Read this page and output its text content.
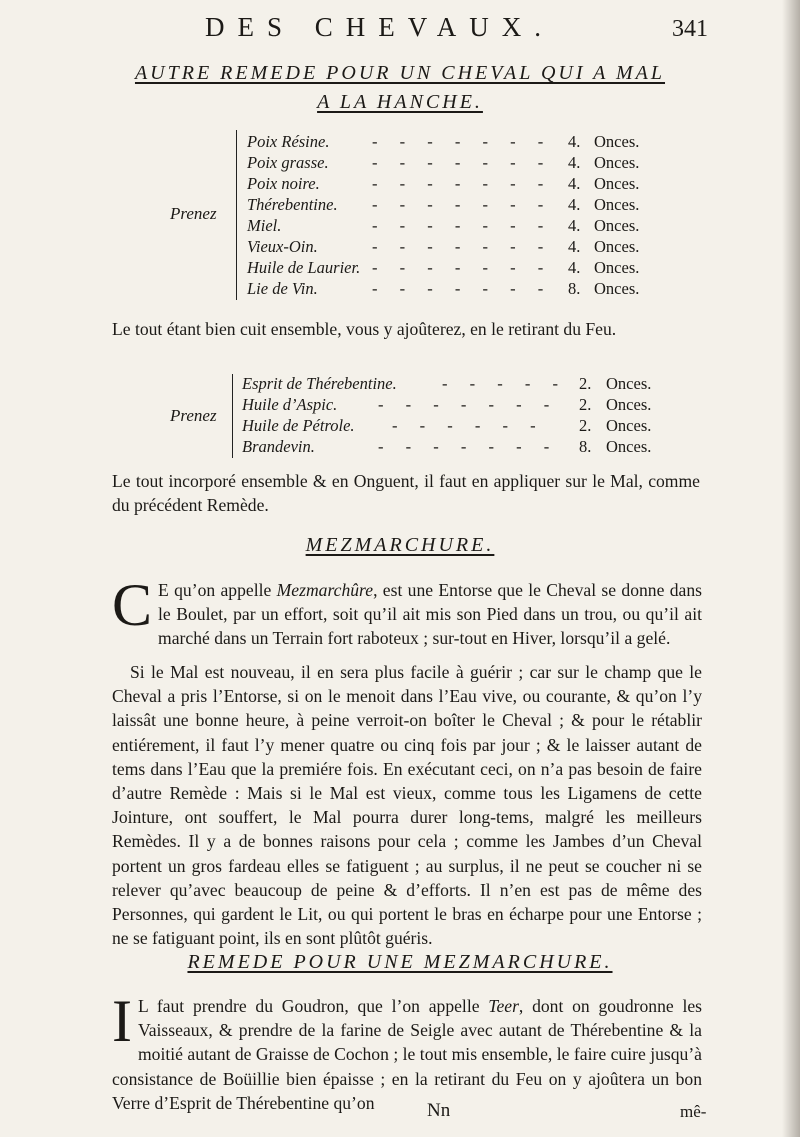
DES CHEVAUX.	341
AUTRE REMEDE POUR UN CHEVAL QUI A MAL
A LA HANCHE.
Prenez
Poix Résine.	- - - - - - - 4. Onces.
Poix grasse.	- - - - - - - 4. Onces.
Poix noire.	- - - - - - - 4. Onces.
Thérebentine. - - - - - - - 4. Onces.
Miel.	- - - - - - - 4. Onces.
Vieux-Oin.	- - - - - - - 4. Onces.
Huile de Laurier. - - - - - - - 4. Onces.
Lie de Vin.	- - - - - - - 8. Onces.
Le tout étant bien cuit ensemble, vous y ajoûterez, en le retirant du Feu.
Prenez
Esprit de Thérebentine.	- - - - - 2. Onces.
Huile d’Aspic. - - - - - - - 2. Onces.
Huile de Pétrole. - - - - - - 2. Onces.
Brandevin.	- - - - - - - 8. Onces.
Le tout incorporé ensemble & en Onguent, il faut en appliquer sur le Mal, comme du précédent Remède.
MEZMARCHURE.
C E qu’on appelle Mezmarchûre, est une Entorse que le Cheval se donne dans le Boulet, par un effort, soit qu’il ait mis son Pied dans un trou, ou qu’il ait marché dans un Terrain fort raboteux ; sur-tout en Hiver, lorsqu’il a gelé.
Si le Mal est nouveau, il en sera plus facile à guérir ; car sur le champ que le Cheval a pris l’Entorse, si on le menoit dans l’Eau vive, ou courante, & qu’on l’y laissât une bonne heure, à peine verroit-on boîter le Cheval ; & pour le rétablir entiérement, il faut l’y mener quatre ou cinq fois par jour ; & le laisser autant de tems dans l’Eau que la premiére fois. En exécutant ceci, on n’a pas besoin de faire d’autre Remède : Mais si le Mal est vieux, comme tous les Ligamens de cette Jointure, ont souffert, le Mal pourra durer long-tems, malgré les meilleurs Remèdes. Il y a de bonnes raisons pour cela ; comme les Jambes d’un Cheval portent un gros fardeau elles se fatiguent ; au surplus, il ne peut se coucher ni se relever qu’avec beaucoup de peine & d’efforts. Il n’en est pas de même des Personnes, qui gardent le Lit, ou qui portent le bras en écharpe pour une Entorse ; ne se fatiguant point, ils en sont plûtôt guéris.
REMEDE POUR UNE MEZMARCHURE.
I L faut prendre du Goudron, que l’on appelle Teer, dont on goudronne les Vaisseaux, & prendre de la farine de Seigle avec autant de Thérebentine & la moitié autant de Graisse de Cochon ; le tout mis ensemble, le faire cuire jusqu’à consistance de Boüillie bien épaisse ; en la retirant du Feu on y ajoûtera un bon Verre d’Esprit de Thérebentine qu’on	Nn	mê-
